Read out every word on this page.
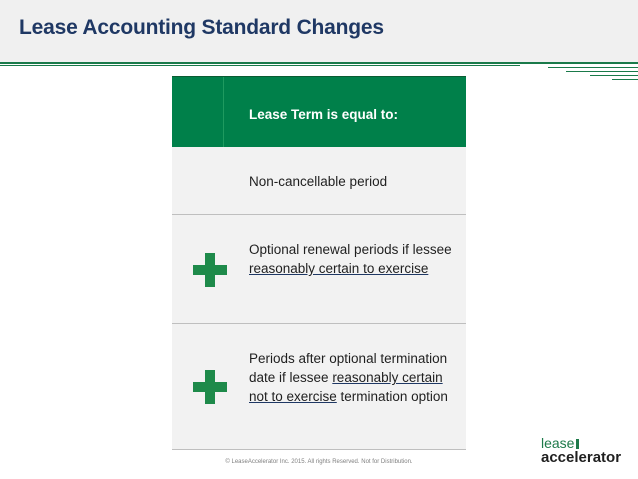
Lease Accounting Standard Changes
Lease Term is equal to:
Non-cancellable period
Optional renewal periods if lessee reasonably certain to exercise
Periods after optional termination date if lessee reasonably certain not to exercise termination option
© LeaseAccelerator Inc. 2015. All rights Reserved. Not for Distribution.
lease
accelerator
